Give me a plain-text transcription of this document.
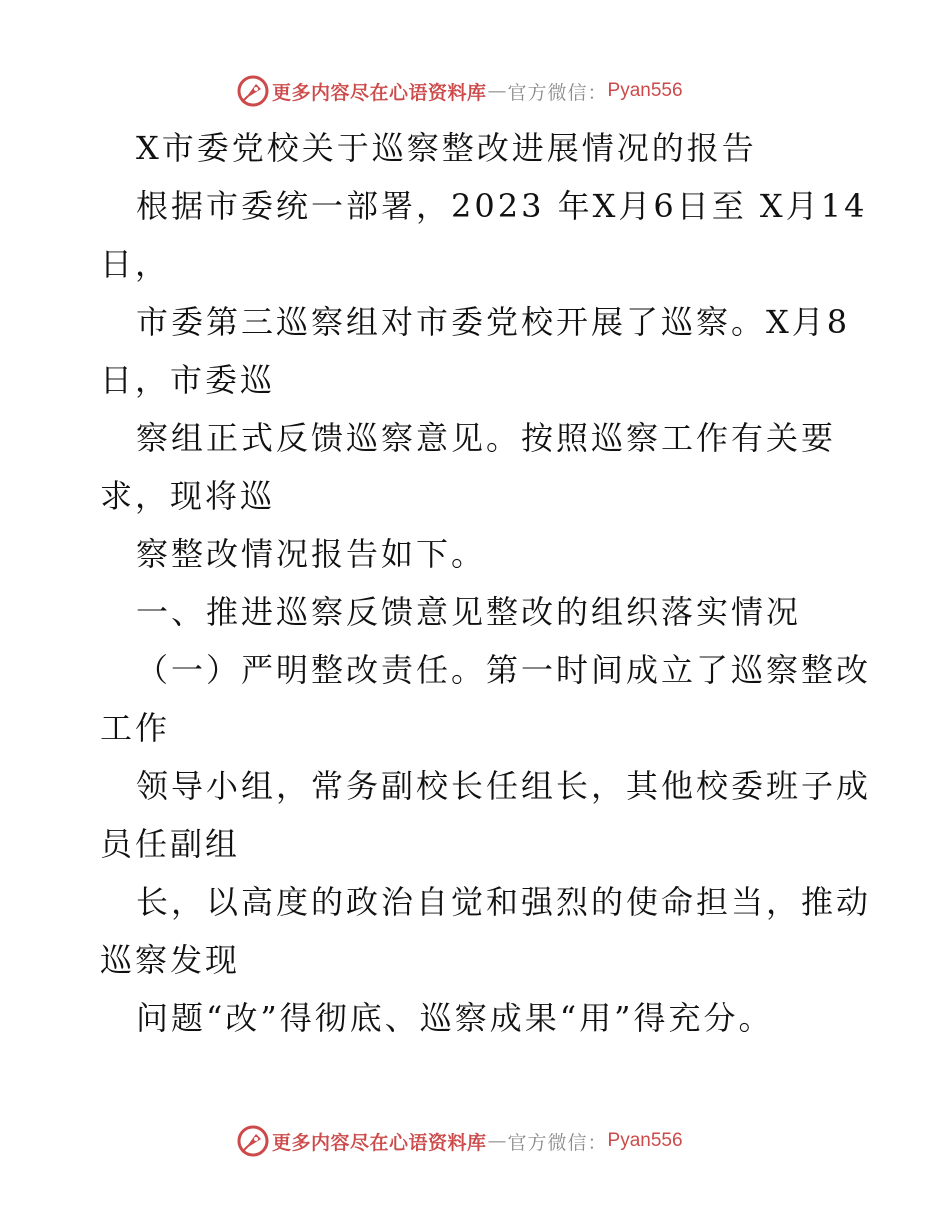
更多内容尽在心语资料库 — 官方微信： Pyan556

X市委党校关于巡察整改进展情况的报告

根据市委统一部署，2023 年X月6日至 X月14

日，

市委第三巡察组对市委党校开展了巡察。X月8

日，市委巡

察组正式反馈巡察意见。按照巡察工作有关要

求，现将巡

察整改情况报告如下。

一、推进巡察反馈意见整改的组织落实情况

（一）严明整改责任。第一时间成立了巡察整改

工作

领导小组，常务副校长任组长，其他校委班子成

员任副组

长，以高度的政治自觉和强烈的使命担当，推动

巡察发现

问题“改”得彻底、巡察成果“用”得充分。

更多内容尽在心语资料库 — 官方微信： Pyan556
